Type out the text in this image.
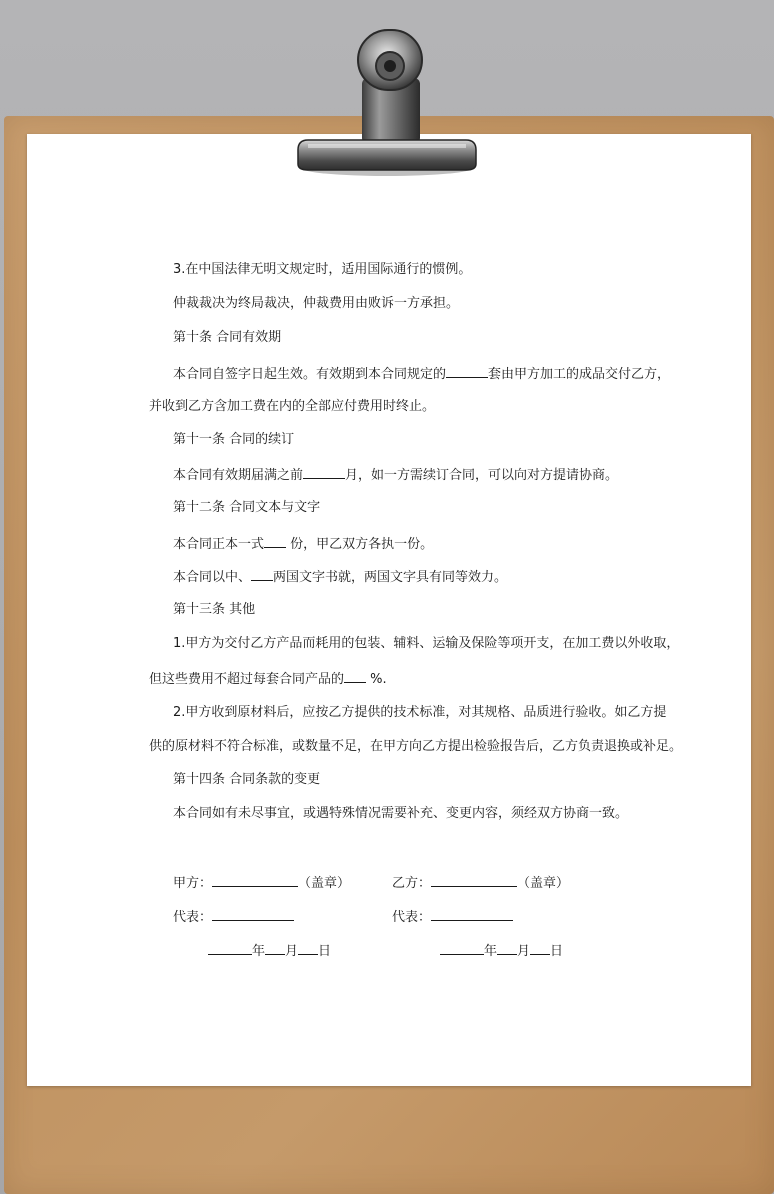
3.在中国法律无明文规定时，适用国际通行的惯例。
仲裁裁决为终局裁决，仲裁费用由败诉一方承担。
第十条 合同有效期
本合同自签字日起生效。有效期到本合同规定的	套由甲方加工的成品交付乙方，
并收到乙方含加工费在内的全部应付费用时终止。
第十一条 合同的续订
本合同有效期届满之前	月，如一方需续订合同，可以向对方提请协商。
第十二条 合同文本与文字
本合同正本一式 份，甲乙双方各执一份。
本合同以中、 两国文字书就，两国文字具有同等效力。
第十三条 其他
1.甲方为交付乙方产品而耗用的包装、辅料、运输及保险等项开支，在加工费以外收取，
但这些费用不超过每套合同产品的 %.
2.甲方收到原材料后，应按乙方提供的技术标准，对其规格、品质进行验收。如乙方提
供的原材料不符合标准，或数量不足，在甲方向乙方提出检验报告后，乙方负责退换或补足。
第十四条 合同条款的变更
本合同如有未尽事宜，或遇特殊情况需要补充、变更内容，须经双方协商一致。
甲方：	（盖章）	乙方：	（盖章）
代表：	代表：
年 月 日	年 月 日
